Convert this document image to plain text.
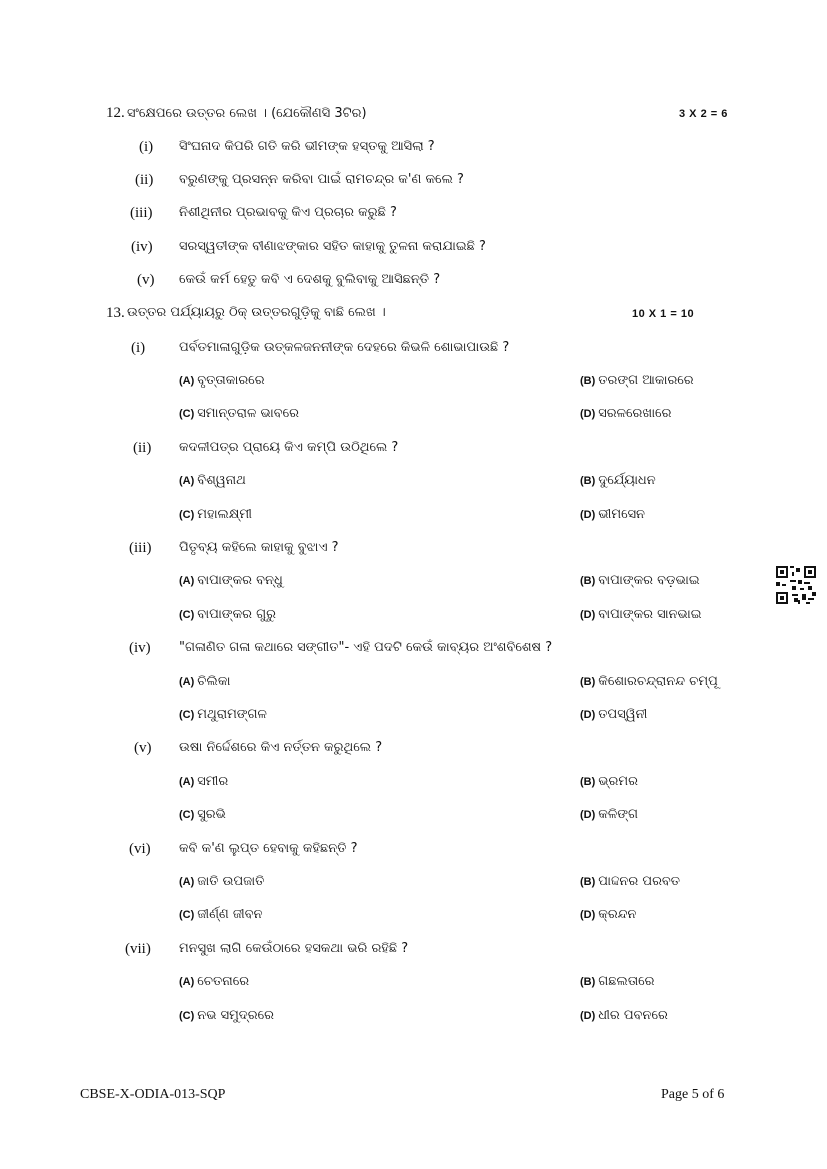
12. ସଂକ୍ଷେପରେ ଉତ୍ତର ଲେଖ । (ଯେକୌଣସି 3ଟିର)	3 X 2 = 6
(i) ସିଂଘନାଦ କିପରି ଗତି କରି ଭୀମଙ୍କ ହସ୍ତକୁ ଆସିଲା ?
(ii) ବରୁଣଙ୍କୁ ପ୍ରସନ୍ନ କରିବା ପାଇଁ ରାମଚନ୍ଦ୍ର କ'ଣ କଲେ ?
(iii) ନିଶୀଥିନୀର ପ୍ରଭାବକୁ କିଏ ପ୍ରଚାର କରୁଛି ?
(iv) ସରସ୍ୱତୀଙ୍କ ବୀଣାଝଙ୍କାର ସହିତ କାହାକୁ ତୁଳନା କରାଯାଇଛି ?
(v) କେଉଁ କର୍ମ ହେତୁ କବି ଏ ଦେଶକୁ ବୁଲିବାକୁ ଆସିଛନ୍ତି ?
13. ଉତ୍ତର ପର୍ଯ୍ୟାୟରୁ ଠିକ୍ ଉତ୍ତରଗୁଡ଼ିକୁ ବାଛି ଲେଖ ।	10 X 1 = 10
(i)	ପର୍ବତମାଳାଗୁଡ଼ିକ ଉତ୍କଳଜନନୀଙ୍କ ଦେହରେ କିଭଳି ଶୋଭାପାଉଛି ?
(A) ବୃତ୍ତାକାରରେ	(B) ତରଙ୍ଗ ଆକାରରେ
(C) ସମାନ୍ତରାଳ ଭାବରେ	(D) ସରଳରେଖାରେ
(ii) କଦଳୀପତ୍ର ପ୍ରାୟେ କିଏ କମ୍ପି ଉଠିଥିଲେ ?
(A) ବିଶ୍ୱନାଥ	(B) ଦୁର୍ଯ୍ୟୋଧନ
(C) ମହାଲକ୍ଷ୍ମୀ	(D) ଭୀମସେନ
(iii) ପିତୃବ୍ୟ କହିଲେ କାହାକୁ ବୁଝାଏ ?
(A) ବାପାଙ୍କର ବନ୍ଧୁ	(B) ବାପାଙ୍କର ବଡ଼ଭାଇ
(C) ବାପାଙ୍କର ଗୁରୁ	(D) ବାପାଙ୍କର ସାନଭାଇ
(iv) "ଗଳାଣିତ ଗଳା କଥାରେ ସଙ୍ଗୀତ"- ଏହି ପଦଟି କେଉଁ କାବ୍ୟର ଅଂଶବିଶେଷ ?
(A) ଚିଲିକା	(B) କିଶୋରଚନ୍ଦ୍ରାନନ୍ଦ ଚମ୍ପୂ
(C) ମଥୁରାମଙ୍ଗଳ	(D) ତପସ୍ୱିନୀ
(v) ଉଷା ନିର୍ଦ୍ଦେଶରେ କିଏ ନର୍ତ୍ତନ କରୁଥିଲେ ?
(A) ସମୀର	(B) ଭ୍ରମର
(C) ସୁରଭି	(D) କଳିଙ୍ଗ
(vi) କବି କ'ଣ ଲୁପ୍ତ ହେବାକୁ କହିଛନ୍ତି ?
(A) ଜାତି ଉପଜାତି	(B) ପାଦ୍ଦନର ପରବତ
(C) ଜୀର୍ଣ୍ଣ ଜୀବନ	(D) କ୍ରନ୍ଦନ
(vii) ମନସୁଖ ଲାଗି କେଉଁଠାରେ ହସକଥା ଭରି ରହିଛି ?
(A) ଚେତନାରେ	(B) ଗଛଲତାରେ
(C) ନଭ ସମୁଦ୍ରରେ	(D) ଧୀର ପବନରେ
CBSE-X-ODIA-013-SQP	Page 5 of 6
